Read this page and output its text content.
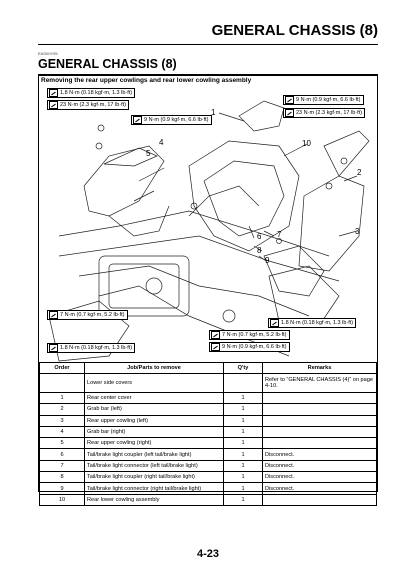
GENERAL CHASSIS (8)
EAS00Y95
GENERAL CHASSIS (8)
Removing the rear upper cowlings and rear lower cowling assembly
1.8 N·m (0.18 kgf·m, 1.3 lb·ft)
23 N·m (2.3 kgf·m, 17 lb·ft)
9 N·m (0.9 kgf·m, 6.6 lb·ft)
9 N·m (0.9 kgf·m, 6.6 lb·ft)
23 N·m (2.3 kgf·m, 17 lb·ft)
7 N·m (0.7 kgf·m, 5.2 lb·ft)
1.8 N·m (0.18 kgf·m, 1.3 lb·ft)
7 N·m (0.7 kgf·m, 5.2 lb·ft)
1.8 N·m (0.18 kgf·m, 1.3 lb·ft)	9 N·m (0.9 kgf·m, 6.6 lb·ft)
1
2
3
4
5
6 7
8
9
10
Order	Job/Parts to remove	Q'ty	Remarks
	Lower side covers		Refer to “GENERAL CHASSIS (4)” on page 4-10.
1	Rear center cover	1	
2	Grab bar (left)	1	
3	Rear upper cowling (left)	1	
4	Grab bar (right)	1	
5	Rear upper cowling (right)	1	
6	Tail/brake light coupler (left tail/brake light)	1	Disconnect.
7	Tail/brake light connector (left tail/brake light)	1	Disconnect.
8	Tail/brake light coupler (right tail/brake light)	1	Disconnect.
9	Tail/brake light connector (right tail/brake light)	1	Disconnect.
10	Rear lower cowling assembly	1	
4-23
